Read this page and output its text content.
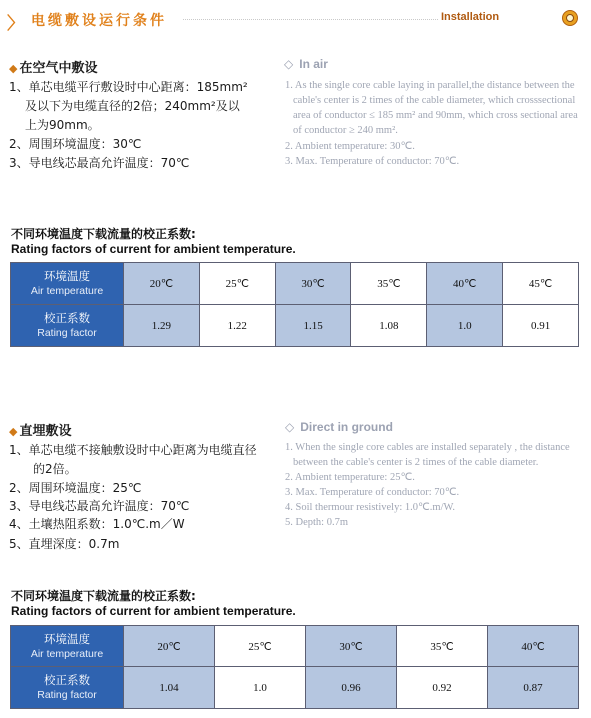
〉 电缆敷设运行条件	Installation
◆ 在空气中敷设
1、单芯电缆平行敷设时中心距离：185mm²
及以下为电缆直径的2倍；240mm²及以
上为90mm。
2、周围环境温度：30℃
3、导电线芯最高允许温度：70℃
◇ In air
1. As the single core cable laying in parallel,the distance between the
cable's center is 2 times of the cable diameter, which crosssectional
area of conductor ≤ 185 mm² and 90mm, which cross sectional area
of conductor ≥ 240 mm².
2. Ambient temperature: 30℃.
3. Max. Temperature of conductor: 70℃.
不同环境温度下载流量的校正系数:
Rating factors of current for ambient temperature.
环境温度
Air temperature	20℃	25℃	30℃	35℃	40℃	45℃

校正系数
Rating factor	1.29	1.22	1.15	1.08	1.0	0.91
◆ 直埋敷设
1、单芯电缆不接触敷设时中心距离为电缆直径
的2倍。
2、周围环境温度：25℃
3、导电线芯最高允许温度：70℃
4、土壤热阻系数：1.0℃.m／W
5、直埋深度：0.7m
◇ Direct in ground
1. When the single core cables are installed separately , the distance
between the cable's center is 2 times of the cable diameter.
2. Ambient temperature: 25℃.
3. Max. Temperature of conductor: 70℃.
4. Soil thermour resistively: 1.0℃.m/W.
5. Depth: 0.7m
不同环境温度下载流量的校正系数:
Rating factors of current for ambient temperature.
环境温度
Air temperature	20℃	25℃	30℃	35℃	40℃

校正系数
Rating factor	1.04	1.0	0.96	0.92	0.87
